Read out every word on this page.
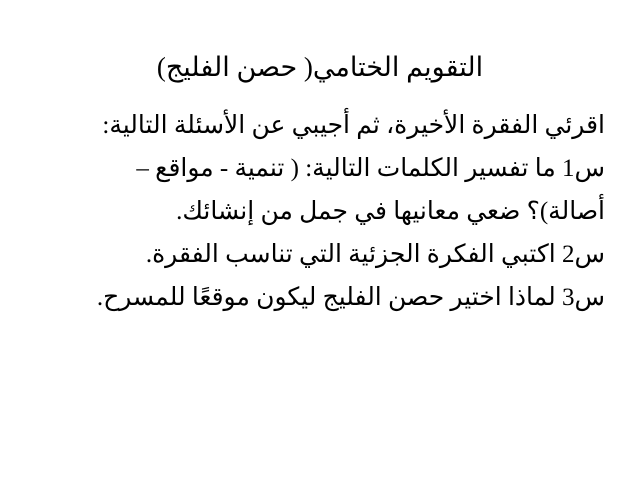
التقويم الختامي( حصن الفليج)

اقرئي الفقرة الأخيرة، ثم أجيبي عن الأسئلة التالية:

س1 ما تفسير الكلمات التالية: ( تنمية - مواقع – أصالة)؟ ضعي معانيها في جمل من إنشائك.

س2 اكتبي الفكرة الجزئية التي تناسب الفقرة.

س3 لماذا اختير حصن الفليج ليكون موقعًا للمسرح.
